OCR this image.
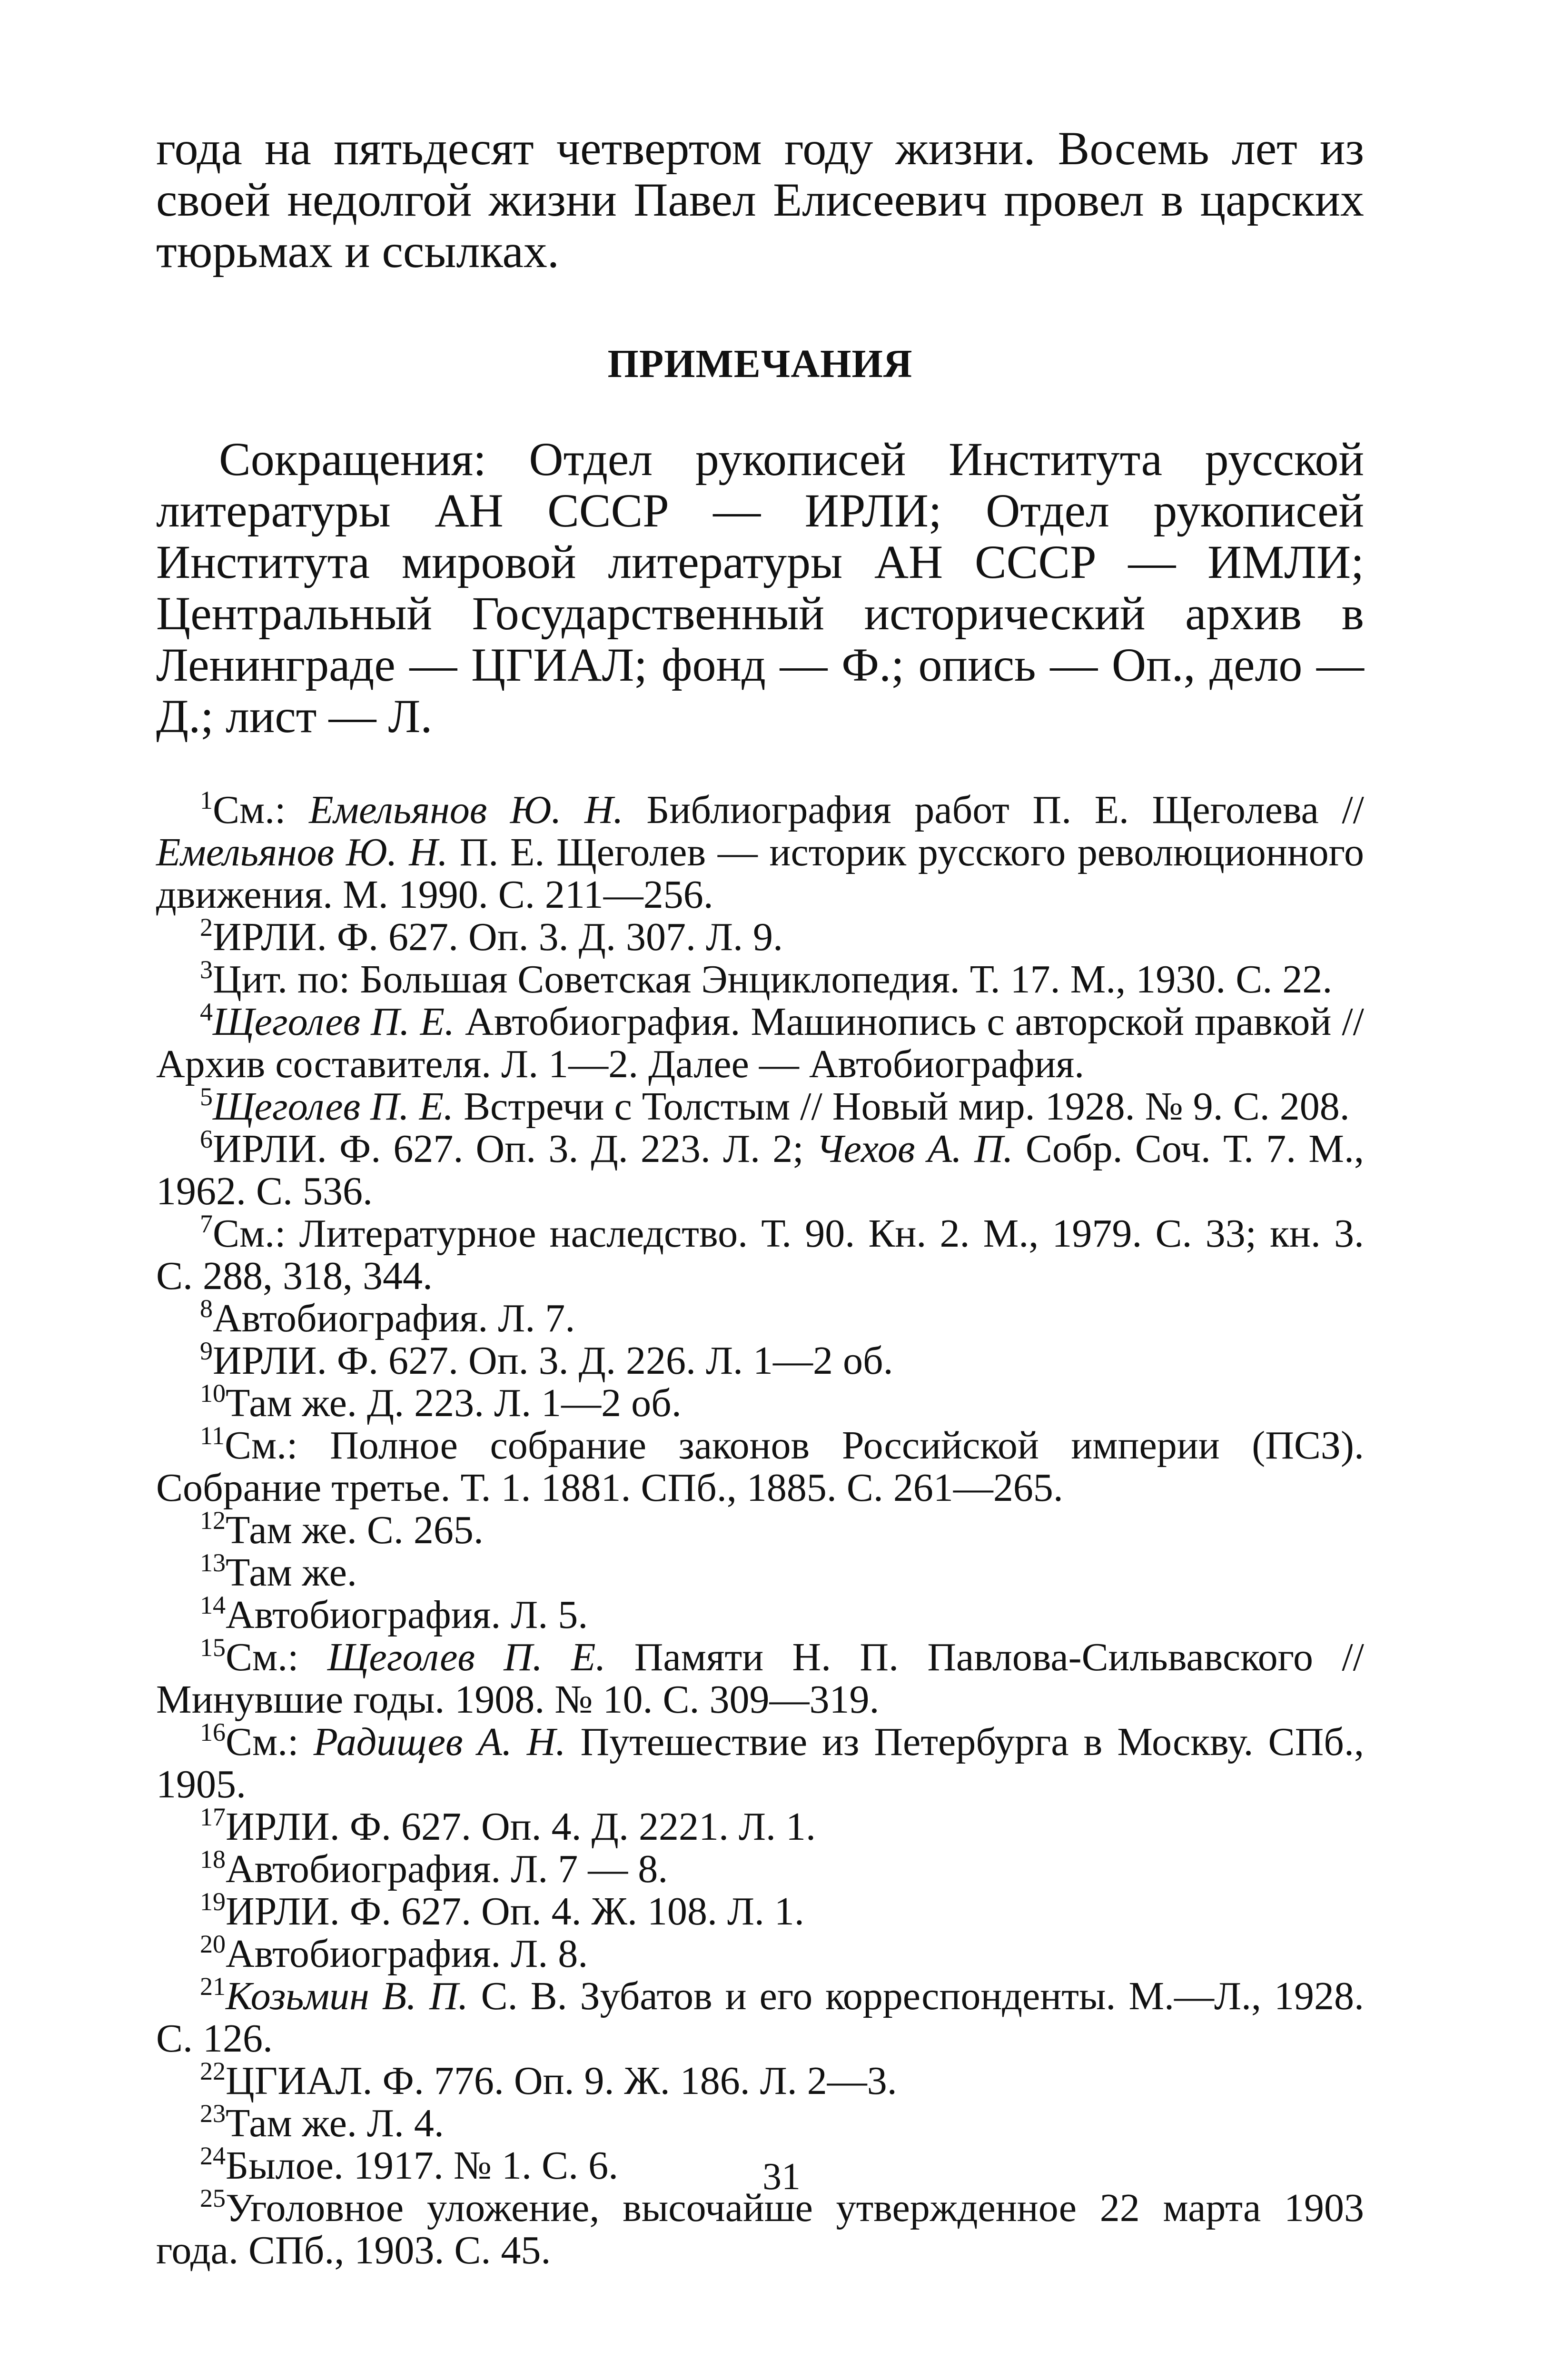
года на пятьдесят четвертом году жизни. Восемь лет из своей недолгой жизни Павел Елисеевич провел в царских тюрьмах и ссылках.

ПРИМЕЧАНИЯ

Сокращения: Отдел рукописей Института русской литературы АН СССР — ИРЛИ; Отдел рукописей Института мировой литературы АН СССР — ИМЛИ; Центральный Государственный исторический архив в Ленинграде — ЦГИАЛ; фонд — Ф.; опись — Оп., дело — Д.; лист — Л.

$^1$См.: Емельянов Ю. Н. Библиография работ П. Е. Щеголева // Емельянов Ю. Н. П. Е. Щеголев — историк русского революционного движения. М. 1990. С. 211—256.

$^2$ИРЛИ. Ф. 627. Оп. 3. Д. 307. Л. 9.

$^3$Цит. по: Большая Советская Энциклопедия. Т. 17. М., 1930. С. 22.

$^4$Щеголев П. Е. Автобиография. Машинопись с авторской правкой // Архив составителя. Л. 1—2. Далее — Автобиография.

$^5$Щеголев П. Е. Встречи с Толстым // Новый мир. 1928. № 9. С. 208.

$^6$ИРЛИ. Ф. 627. Оп. 3. Д. 223. Л. 2; Чехов А. П. Собр. Соч. Т. 7. М., 1962. С. 536.

$^7$См.: Литературное наследство. Т. 90. Кн. 2. М., 1979. С. 33; кн. 3. С. 288, 318, 344.

$^8$Автобиография. Л. 7.

$^9$ИРЛИ. Ф. 627. Оп. 3. Д. 226. Л. 1—2 об.

$^{10}$Там же. Д. 223. Л. 1—2 об.

$^{11}$См.: Полное собрание законов Российской империи (ПСЗ). Собрание третье. Т. 1. 1881. СПб., 1885. С. 261—265.

$^{12}$Там же. С. 265.

$^{13}$Там же.

$^{14}$Автобиография. Л. 5.

$^{15}$См.: Щеголев П. Е. Памяти Н. П. Павлова-Сильвавского // Минувшие годы. 1908. № 10. С. 309—319.

$^{16}$См.: Радищев А. Н. Путешествие из Петербурга в Москву. СПб., 1905.

$^{17}$ИРЛИ. Ф. 627. Оп. 4. Д. 2221. Л. 1.

$^{18}$Автобиография. Л. 7 — 8.

$^{19}$ИРЛИ. Ф. 627. Оп. 4. Ж. 108. Л. 1.

$^{20}$Автобиография. Л. 8.

$^{21}$Козьмин В. П. С. В. Зубатов и его корреспонденты. М.—Л., 1928. С. 126.

$^{22}$ЦГИАЛ. Ф. 776. Оп. 9. Ж. 186. Л. 2—3.

$^{23}$Там же. Л. 4.

$^{24}$Былое. 1917. № 1. С. 6.

$^{25}$Уголовное уложение, высочайше утвержденное 22 марта 1903 года. СПб., 1903. С. 45.

31
